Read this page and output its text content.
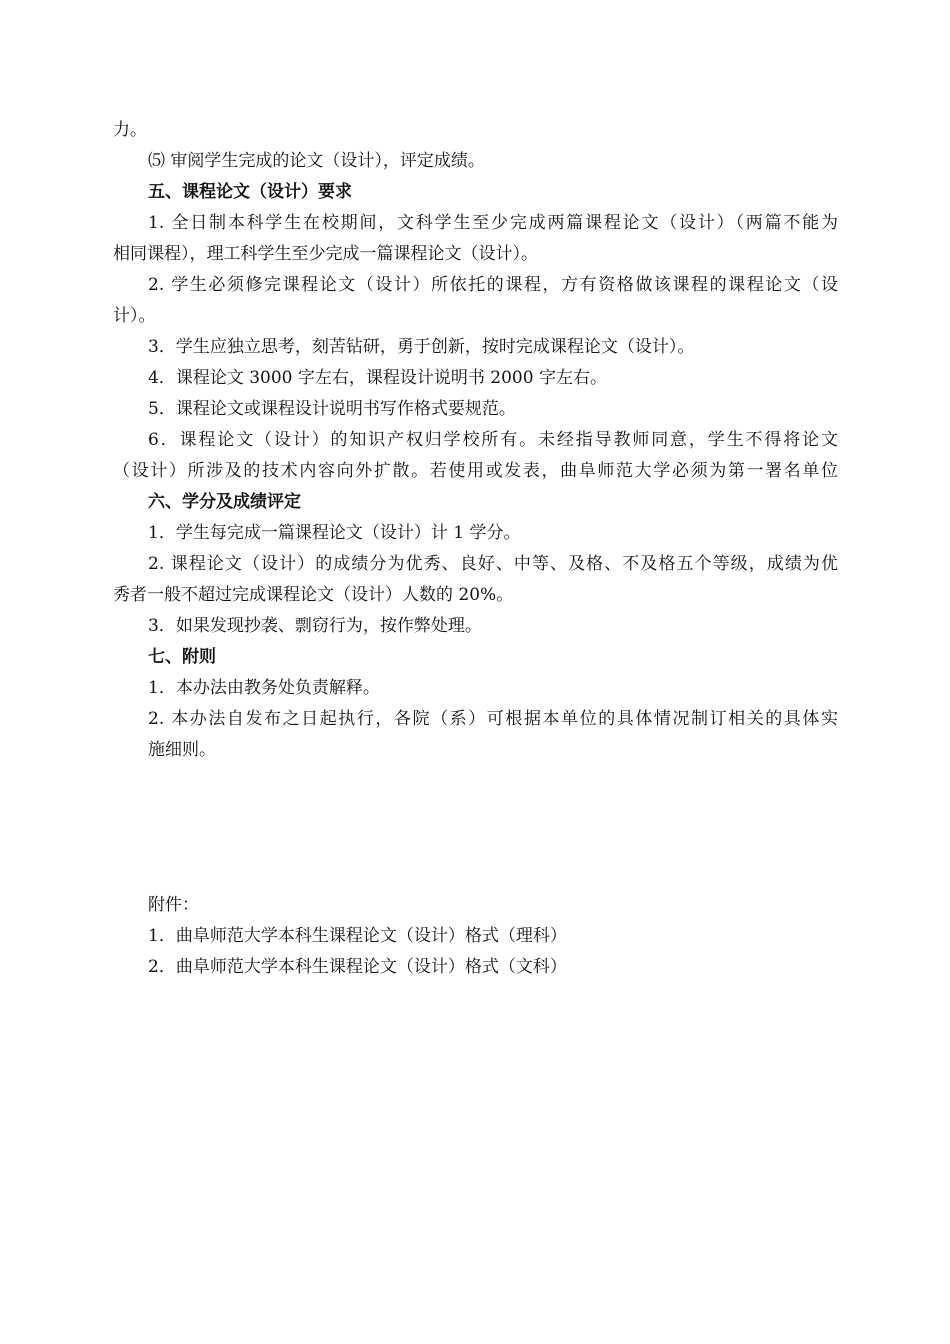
力。
⑸ 审阅学生完成的论文（设计），评定成绩。
五、课程论文（设计）要求
1. 全日制本科学生在校期间，文科学生至少完成两篇课程论文（设计）（两篇不能为
相同课程），理工科学生至少完成一篇课程论文（设计）。
2. 学生必须修完课程论文（设计）所依托的课程，方有资格做该课程的课程论文（设
计）。
3．学生应独立思考，刻苦钻研，勇于创新，按时完成课程论文（设计）。
4．课程论文 3000 字左右，课程设计说明书 2000 字左右。
5．课程论文或课程设计说明书写作格式要规范。
6．课程论文（设计）的知识产权归学校所有。未经指导教师同意，学生不得将论文
（设计）所涉及的技术内容向外扩散。若使用或发表，曲阜师范大学必须为第一署名单位
六、学分及成绩评定
1．学生每完成一篇课程论文（设计）计 1 学分。
2. 课程论文（设计）的成绩分为优秀、良好、中等、及格、不及格五个等级，成绩为优
秀者一般不超过完成课程论文（设计）人数的 20%。
3．如果发现抄袭、剽窃行为，按作弊处理。
七、附则
1．本办法由教务处负责解释。
2. 本办法自发布之日起执行，各院（系）可根据本单位的具体情况制订相关的具体实
施细则。
附件：
1．曲阜师范大学本科生课程论文（设计）格式（理科）
2．曲阜师范大学本科生课程论文（设计）格式（文科）
